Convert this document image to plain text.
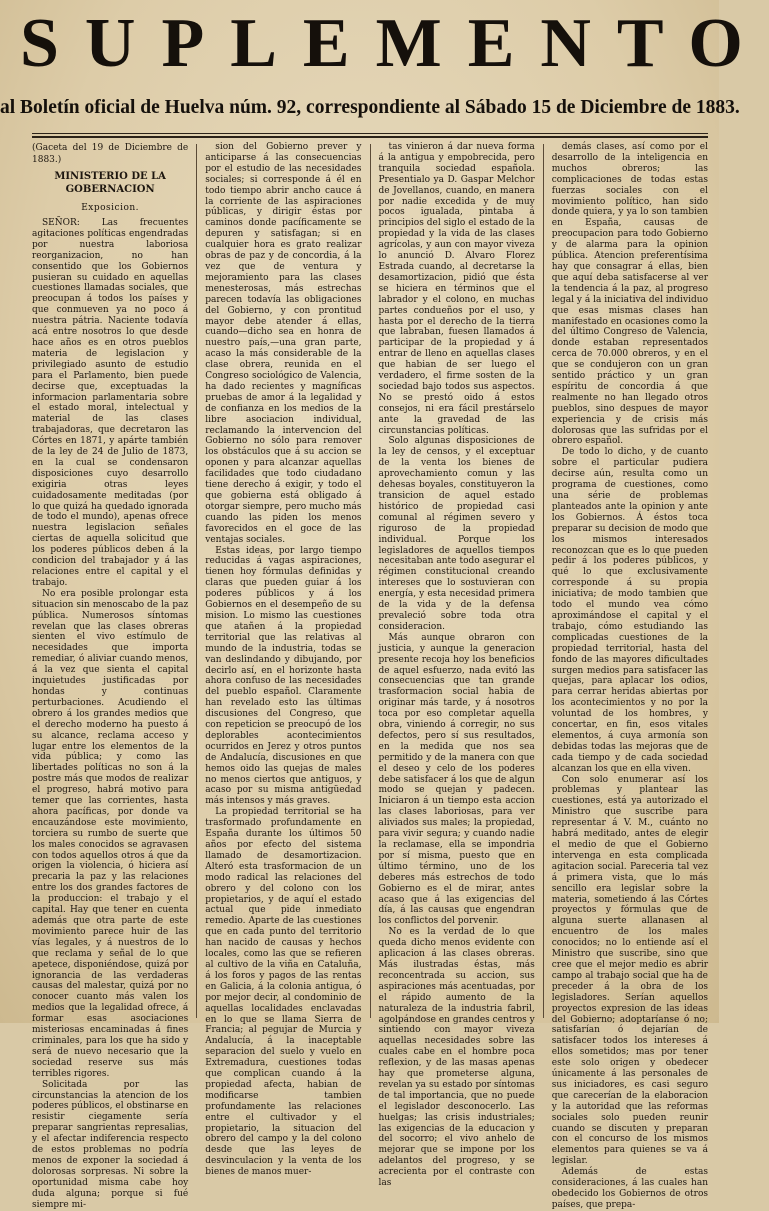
SUPLEMENTO
al Boletín oficial de Huelva núm. 92, correspondiente al Sábado 15 de Diciembre de 1883.

(Gaceta del 19 de Diciembre de 1883.)

MINISTERIO DE LA GOBERNACION

Exposicion.

SEÑOR: Las frecuentes agitaciones políticas engendradas por nuestra laboriosa reorganizacion, no han consentido que los Gobiernos pusieran su cuidado en aquellas cuestiones llamadas sociales, que preocupan á todos los países y que conmueven ya no poco á nuestra pátria. Naciente todavía acá entre nosotros lo que desde hace años es en otros pueblos materia de legislacion y privilegiado asunto de estudio para el Parlamento, bien puede decirse que, exceptuadas la informacion parlamentaria sobre el estado moral, intelectual y material de las clases trabajadoras, que decretaron las Córtes en 1871, y apárte también de la ley de 24 de Julio de 1873, en la cual se condensaron disposiciones cuyo desarrollo exigiria otras leyes cuidadosamente meditadas (por lo que quizá ha quedado ignorada de todo el mundo), apenas ofrece nuestra legislacion señales ciertas de aquella solicitud que los poderes públicos deben á la condicion del trabajador y á las relaciones entre el capital y el trabajo.

No era posible prolongar esta situacion sin menoscabo de la paz pública. Numerosos síntomas revelan que las clases obreras sienten el vivo estímulo de necesidades que importa remediar, ó aliviar cuando menos, á la vez que sienta el capital inquietudes justificadas por hondas y continuas perturbaciones. Acudiendo el obrero á los grandes medios que el derecho moderno ha puesto á su alcance, reclama acceso y lugar entre los elementos de la vida pública; y como las libertades políticas no son á la postre más que modos de realizar el progreso, habrá motivo para temer que las corrientes, hasta ahora pacíficas, por donde va encauzándose este movimiento, torciera su rumbo de suerte que los males conocidos se agravasen con todos aquellos otros á que da origen la violencia, ó hiciera así precaria la paz y las relaciones entre los dos grandes factores de la produccion: el trabajo y el capital. Hay que tener en cuenta además que otra parte de este movimiento parece huir de las vías legales, y á nuestros de lo que reclama y señal de lo que apetece, disponiéndose, quizá por ignorancia de las verdaderas causas del malestar, quizá por no conocer cuanto más valen los medios que la legalidad ofrece, á formar esas asociaciones misteriosas encaminadas á fines criminales, para los que ha sido y será de nuevo necesario que la sociedad reserve sus más terribles rigores.

Solicitada por las circunstancias la atencion de los poderes públicos, el obstinarse en resistir ciegamente sería preparar sangrientas represalias, y el afectar indiferencia respecto de estos problemas no podría menos de exponer la sociedad á dolorosas sorpresas. Ni sobre la oportunidad misma cabe hoy duda alguna; porque si fué siempre mi-

sion del Gobierno prever y anticiparse á las consecuencias por el estudio de las necesidades sociales; si corresponde á él en todo tiempo abrir ancho cauce á la corriente de las aspiraciones públicas, y dirigir éstas por caminos donde pacíficamente se depuren y satisfagan; si en cualquier hora es grato realizar obras de paz y de concordia, á la vez que de ventura y mejoramiento para las clases menesterosas, más estrechas parecen todavía las obligaciones del Gobierno, y con prontitud mayor debe atender á ellas, cuando—dicho sea en honra de nuestro país,—una gran parte, acaso la más considerable de la clase obrera, reunida en el Congreso sociológico de Valencia, ha dado recientes y magníficas pruebas de amor á la legalidad y de confianza en los medios de la libre asociacion individual, reclamando la intervencion del Gobierno no sólo para remover los obstáculos que á su accion se oponen y para alcanzar aquellas facilidades que todo ciudadano tiene derecho á exigir, y todo el que gobierna está obligado á otorgar siempre, pero mucho más cuando las piden los menos favorecidos en el goce de las ventajas sociales.

Estas ideas, por largo tiempo reducidas á vagas aspiraciones, tienen hoy fórmulas definidas y claras que pueden guiar á los poderes públicos y á los Gobiernos en el desempeño de su mision. Lo mismo las cuestiones que atañen á la propiedad territorial que las relativas al mundo de la industria, todas se van deslindando y dibujando, por decirlo así, en el horizonte hasta ahora confuso de las necesidades del pueblo español. Claramente han revelado esto las últimas discusiones del Congreso, que con repeticion se preocupó de los deplorables acontecimientos ocurridos en Jerez y otros puntos de Andalucía, discusiones en que hemos oido las quejas de males no menos ciertos que antiguos, y acaso por su misma antigüedad más intensos y más graves.

La propiedad territorial se ha trasformado profundamente en España durante los últimos 50 años por efecto del sistema llamado de desamortizacion. Alteró esta trasformacion de un modo radical las relaciones del obrero y del colono con los propietarios, y de aquí el estado actual que pide inmediato remedio. Aparte de las cuestiones que en cada punto del territorio han nacido de causas y hechos locales, como las que se refieren al cultivo de la viña en Cataluña, á los foros y pagos de las rentas en Galicia, á la colonia antigua, ó por mejor decir, al condominio de aquellas localidades enclavadas en lo que se llama Sierra de Francia; al pegujar de Murcia y Andalucía, á la inaceptable separacion del suelo y vuelo en Extremadura, cuestiones todas que complican cuando á la propiedad afecta, habian de modificarse tambien profundamente las relaciones entre el cultivador y el propietario, la situacion del obrero del campo y la del colono desde que las leyes de desvinculacion y la venta de los bienes de manos muer-

tas vinieron á dar nueva forma á la antigua y empobrecida, pero tranquila sociedad española. Presentialo ya D. Gaspar Melchor de Jovellanos, cuando, en manera por nadie excedida y de muy pocos igualada, pintaba á principios del siglo el estado de la propiedad y la vida de las clases agrícolas, y aun con mayor viveza lo anunció D. Alvaro Florez Estrada cuando, al decretarse la desamortizacion, pidió que ésta se hiciera en términos que el labrador y el colono, en muchas partes condueños por el uso, y hasta por el derecho de la tierra que labraban, fuesen llamados á participar de la propiedad y á entrar de lleno en aquellas clases que habian de ser luego el verdadero, el firme sosten de la sociedad bajo todos sus aspectos. No se prestó oido á estos consejos, ni era fácil prestárselo ante la gravedad de las circunstancias políticas.

Solo algunas disposiciones de la ley de censos, y el exceptuar de la venta los bienes de aprovechamiento comun y las dehesas boyales, constituyeron la transicion de aquel estado histórico de propiedad casi comunal al régimen severo y riguroso de la propiedad individual. Porque los legisladores de aquellos tiempos necesitaban ante todo asegurar el régimen constitucional creando intereses que lo sostuvieran con energía, y esta necesidad primera de la vida y de la defensa prevaleció sobre toda otra consideracion.

Más aunque obraron con justicia, y aunque la generacion presente recoja hoy los beneficios de aquel esfuerzo, nada evitó las consecuencias que tan grande trasformacion social habia de originar más tarde, y á nosotros toca por eso completar aquella obra, viniendo á corregir, no sus defectos, pero sí sus resultados, en la medida que nos sea permitido y de la manera con que el deseo y celo de los poderes debe satisfacer á los que de algun modo se quejan y padecen. Iniciaron á un tiempo esta accion las clases laboriosas, para ver aliviados sus males; la propiedad, para vivir segura; y cuando nadie la reclamase, ella se impondria por sí misma, puesto que en último término, uno de los deberes más estrechos de todo Gobierno es el de mirar, antes acaso que á las exigencias del día, á las causas que engendran los conflictos del porvenir.

No es la verdad de lo que queda dicho menos evidente con aplicacion á las clases obreras. Más ilustradas éstas, más reconcentrada su accion, sus aspiraciones más acentuadas, por el rápido aumento de la naturaleza de la industria fabril, agolpándose en grandes centros y sintiendo con mayor viveza aquellas necesidades sobre las cuales cabe en el hombre poca reflexion, y de las masas apenas hay que prometerse alguna, revelan ya su estado por síntomas de tal importancia, que no puede el legislador desconocerlo. Las huelgas; las crisis industriales; las exigencias de la educacion y del socorro; el vivo anhelo de mejorar que se impone por los adelantos del progreso, y se acrecienta por el contraste con las

demás clases, así como por el desarrollo de la inteligencia en muchos obreros; las complicaciones de todas estas fuerzas sociales con el movimiento político, han sido donde quiera, y ya lo son tambien en España, causas de preocupacion para todo Gobierno y de alarma para la opinion pública. Atencion preferentísima hay que consagrar á ellas, bien que aquí deba satisfacerse al ver la tendencia á la paz, al progreso legal y á la iniciativa del individuo que esas mismas clases han manifestado en ocasiones como la del último Congreso de Valencia, donde estaban representados cerca de 70.000 obreros, y en el que se condujeron con un gran sentido práctico y un gran espíritu de concordia á que realmente no han llegado otros pueblos, sino despues de mayor experiencia y de crisis más dolorosas que las sufridas por el obrero español.

De todo lo dicho, y de cuanto sobre el particular pudiera decirse aún, resulta como un programa de cuestiones, como una série de problemas planteados ante la opinion y ante los Gobiernos. Á éstos toca preparar su decision de modo que los mismos interesados reconozcan que es lo que pueden pedir á los poderes públicos, y qué lo que exclusivamente corresponde á su propia iniciativa; de modo tambien que todo el mundo vea cómo aproximándose el capital y el trabajo, cómo estudiando las complicadas cuestiones de la propiedad territorial, hasta del fondo de las mayores dificultades surgen medios para satisfacer las quejas, para aplacar los odios, para cerrar heridas abiertas por los acontecimientos y no por la voluntad de los hombres, y concertar, en fin, esos vitales elementos, á cuya armonía son debidas todas las mejoras que de cada tiempo y de cada sociedad alcanzan los que en ella viven.

Con solo enumerar así los problemas y plantear las cuestiones, está ya autorizado el Ministro que suscribe para representar á V. M., cuánto no habrá meditado, antes de elegir el medio de que el Gobierno intervenga en esta complicada agitacion social. Pareceria tal vez á primera vista, que lo más sencillo era legislar sobre la materia, sometiendo á las Córtes proyectos y fórmulas que de alguna suerte allanasen al encuentro de los males conocidos; no lo entiende así el Ministro que suscribe, sino que cree que el mejor medio es abrir campo al trabajo social que ha de preceder á la obra de los legisladores. Serían aquellos proyectos expresion de las ideas del Gobierno; adoptaríanse ó no; satisfarían ó dejarían de satisfacer todos los intereses á ellos sometidos; mas por tener este solo origen y obedecer únicamente á las personales de sus iniciadores, es casi seguro que carecerían de la elaboracion y la autoridad que las reformas sociales solo pueden reunir cuando se discuten y preparan con el concurso de los mismos elementos para quienes se va á legislar.

Además de estas consideraciones, á las cuales han obedecido los Gobiernos de otros países, que prepa-
